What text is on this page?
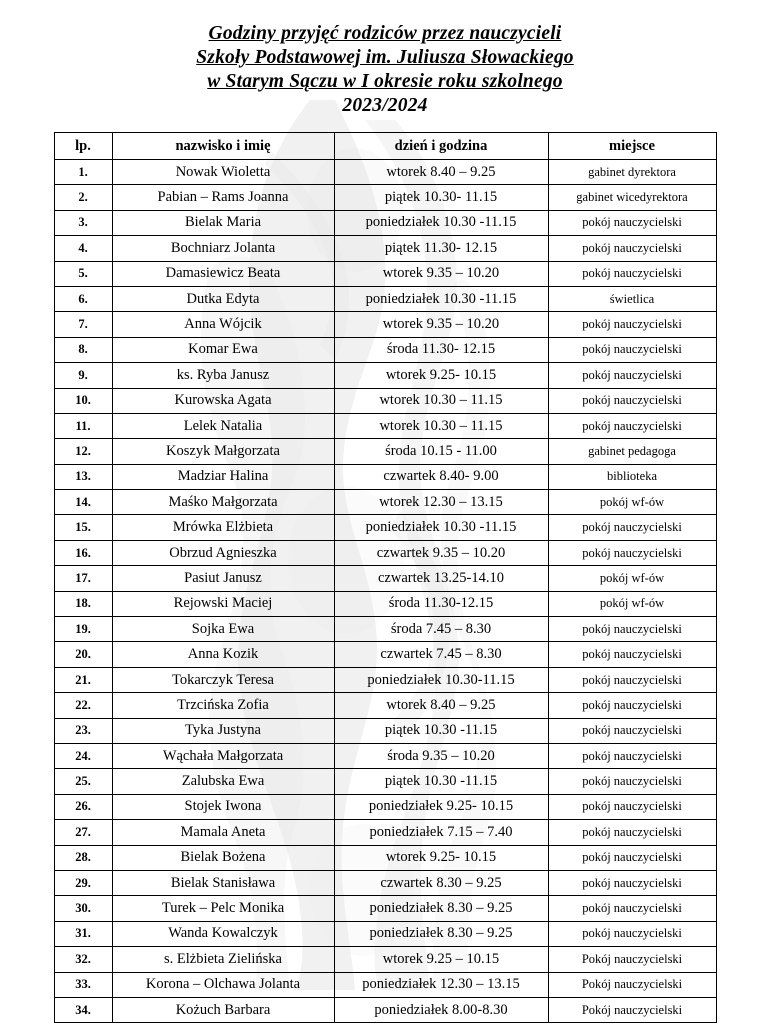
Godziny przyjęć rodziców przez nauczycieli
Szkoły Podstawowej im. Juliusza Słowackiego
w Starym Sączu w I okresie roku szkolnego
2023/2024
lp.	nazwisko i imię	dzień i godzina	miejsce
1.	Nowak Wioletta	wtorek 8.40 – 9.25	gabinet dyrektora
2.	Pabian – Rams Joanna	piątek 10.30- 11.15	gabinet wicedyrektora
3.	Bielak Maria	poniedziałek 10.30 -11.15	pokój nauczycielski
4.	Bochniarz Jolanta	piątek 11.30- 12.15	pokój nauczycielski
5.	Damasiewicz Beata	wtorek 9.35 – 10.20	pokój nauczycielski
6.	Dutka Edyta	poniedziałek 10.30 -11.15	świetlica
7.	Anna Wójcik	wtorek 9.35 – 10.20	pokój nauczycielski
8.	Komar Ewa	środa 11.30- 12.15	pokój nauczycielski
9.	ks. Ryba Janusz	wtorek 9.25- 10.15	pokój nauczycielski
10.	Kurowska Agata	wtorek 10.30 – 11.15	pokój nauczycielski
11.	Lelek Natalia	wtorek 10.30 – 11.15	pokój nauczycielski
12.	Koszyk Małgorzata	środa 10.15 - 11.00	gabinet pedagoga
13.	Madziar Halina	czwartek 8.40- 9.00	biblioteka
14.	Maśko Małgorzata	wtorek 12.30 – 13.15	pokój wf-ów
15.	Mrówka Elżbieta	poniedziałek 10.30 -11.15	pokój nauczycielski
16.	Obrzud Agnieszka	czwartek 9.35 – 10.20	pokój nauczycielski
17.	Pasiut Janusz	czwartek 13.25-14.10	pokój wf-ów
18.	Rejowski Maciej	środa 11.30-12.15	pokój wf-ów
19.	Sojka Ewa	środa 7.45 – 8.30	pokój nauczycielski
20.	Anna Kozik	czwartek 7.45 – 8.30	pokój nauczycielski
21.	Tokarczyk Teresa	poniedziałek 10.30-11.15	pokój nauczycielski
22.	Trzcińska Zofia	wtorek 8.40 – 9.25	pokój nauczycielski
23.	Tyka Justyna	piątek 10.30 -11.15	pokój nauczycielski
24.	Wąchała Małgorzata	środa 9.35 – 10.20	pokój nauczycielski
25.	Zalubska Ewa	piątek 10.30 -11.15	pokój nauczycielski
26.	Stojek Iwona	poniedziałek 9.25- 10.15	pokój nauczycielski
27.	Mamala Aneta	poniedziałek 7.15 – 7.40	pokój nauczycielski
28.	Bielak Bożena	wtorek 9.25- 10.15	pokój nauczycielski
29.	Bielak Stanisława	czwartek 8.30 – 9.25	pokój nauczycielski
30.	Turek – Pelc Monika	poniedziałek 8.30 – 9.25	pokój nauczycielski
31.	Wanda Kowalczyk	poniedziałek 8.30 – 9.25	pokój nauczycielski
32.	s. Elżbieta Zielińska	wtorek 9.25 – 10.15	Pokój nauczycielski
33.	Korona – Olchawa Jolanta	poniedziałek 12.30 – 13.15	Pokój nauczycielski
34.	Kożuch Barbara	poniedziałek 8.00-8.30	Pokój nauczycielski
